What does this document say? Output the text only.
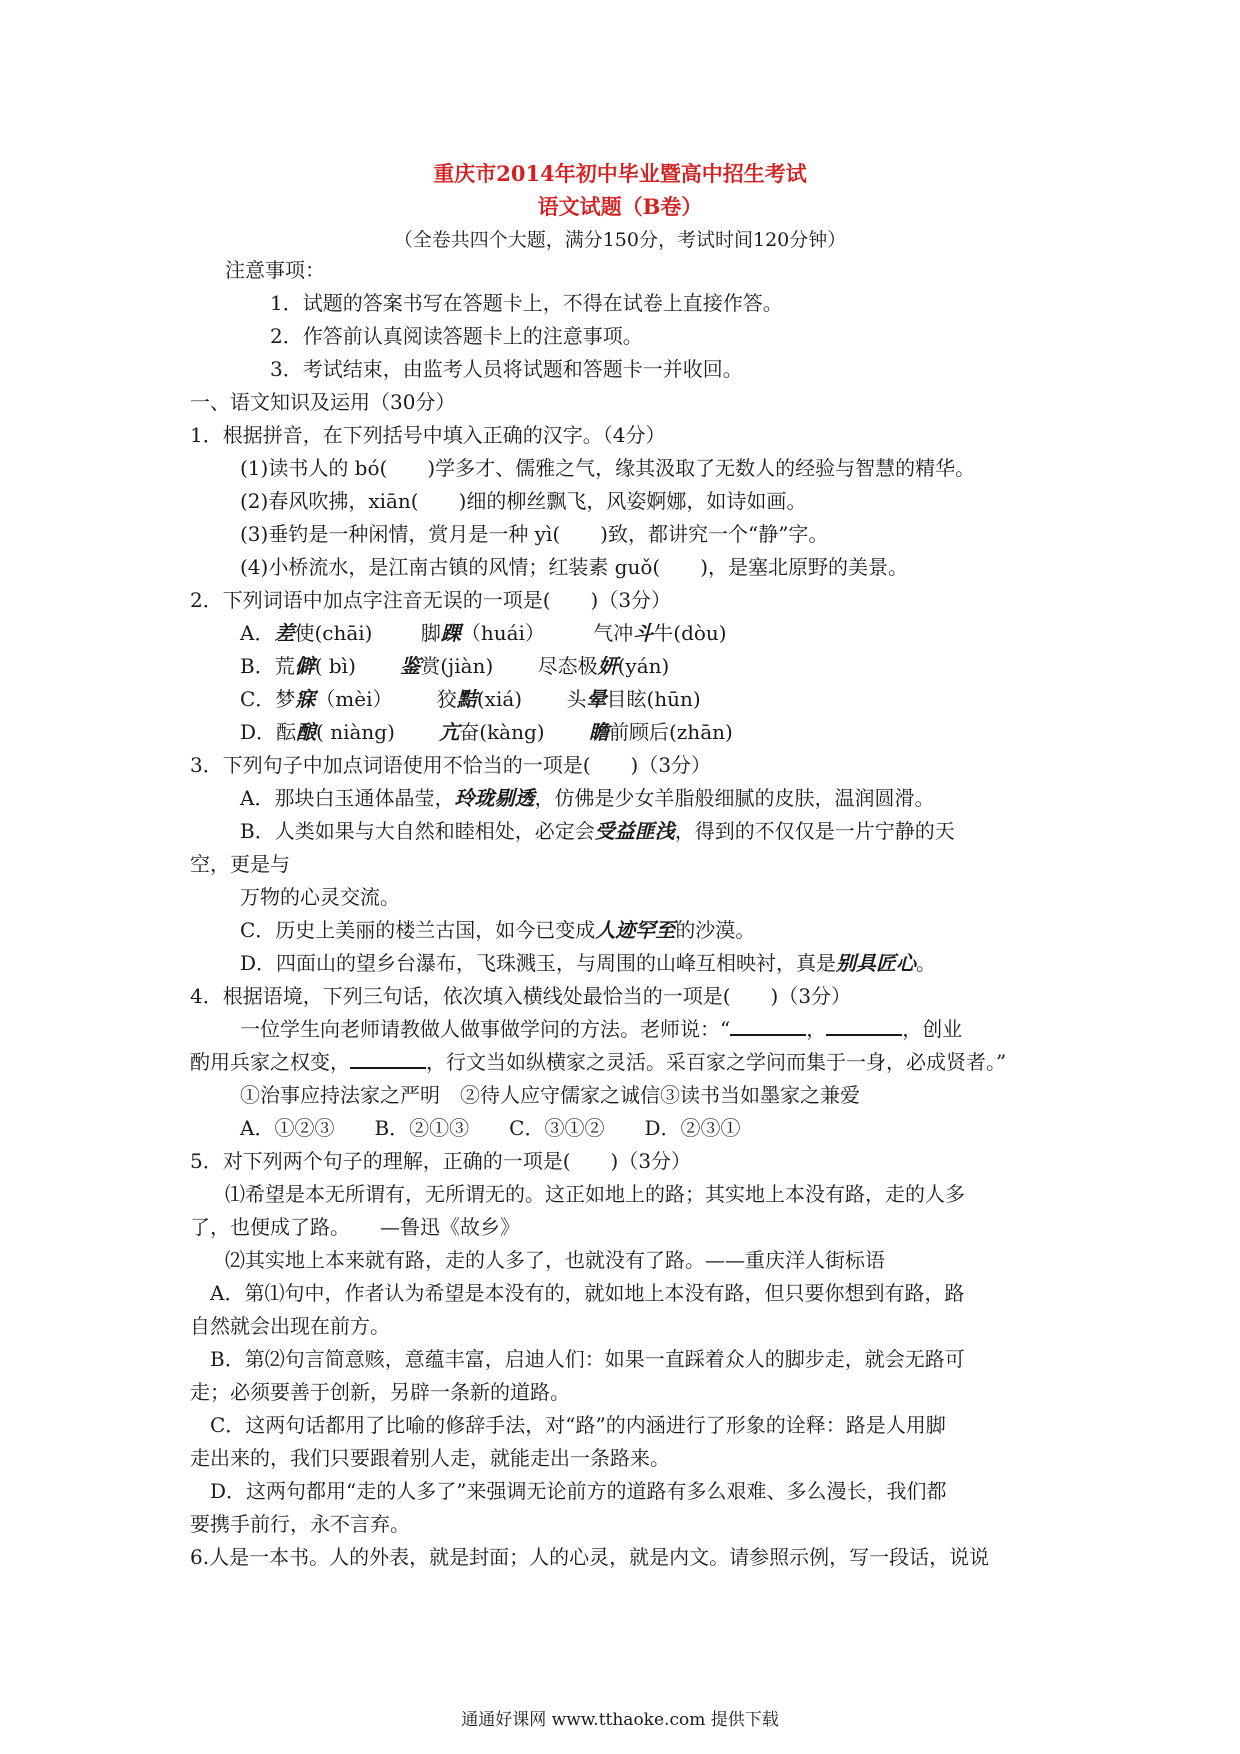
重庆市2014年初中毕业暨高中招生考试
语文试题（B卷）
（全卷共四个大题，满分150分，考试时间120分钟）
注意事项：
1．试题的答案书写在答题卡上，不得在试卷上直接作答。
2．作答前认真阅读答题卡上的注意事项。
3．考试结束，由监考人员将试题和答题卡一并收回。
一、语文知识及运用（30分）
1．根据拼音，在下列括号中填入正确的汉字。（4分）
(1)读书人的 bó(　　)学多才、儒雅之气，缘其汲取了无数人的经验与智慧的精华。
(2)春风吹拂，xiān(　　)细的柳丝飘飞，风姿婀娜，如诗如画。
(3)垂钓是一种闲情，赏月是一种 yì(　　)致，都讲究一个“静”字。
(4)小桥流水，是江南古镇的风情；红装素 guǒ(　　)，是塞北原野的美景。
2．下列词语中加点字注音无误的一项是(　　)（3分）
A．差使(chāi) 脚踝（huái） 气冲斗牛(dòu)
B．荒僻( bì) 鉴赏(jiàn) 尽态极妍(yán)
C．梦寐（mèi） 狡黠(xiá) 头晕目眩(hūn)
D．酝酿( niàng) 亢奋(kàng) 瞻前顾后(zhān)
3．下列句子中加点词语使用不恰当的一项是(　　)（3分）
A．那块白玉通体晶莹，玲珑剔透，仿佛是少女羊脂般细腻的皮肤，温润圆滑。
B．人类如果与大自然和睦相处，必定会受益匪浅，得到的不仅仅是一片宁静的天
空，更是与
万物的心灵交流。
C．历史上美丽的楼兰古国，如今已变成人迹罕至的沙漠。
D．四面山的望乡台瀑布，飞珠溅玉，与周围的山峰互相映衬，真是别具匠心。
4．根据语境，下列三句话，依次填入横线处最恰当的一项是(　　)（3分）
一位学生向老师请教做人做事做学问的方法。老师说：“	，	，创业
酌用兵家之权变，	，行文当如纵横家之灵活。采百家之学问而集于一身，必成贤者。”
①治事应持法家之严明　②待人应守儒家之诚信③读书当如墨家之兼爱
A．①②③　　B．②①③　　C．③①②　　D．②③①
5．对下列两个句子的理解，正确的一项是(　　)（3分）
⑴希望是本无所谓有，无所谓无的。这正如地上的路；其实地上本没有路，走的人多
了，也便成了路。　　—鲁迅《故乡》
⑵其实地上本来就有路，走的人多了，也就没有了路。——重庆洋人街标语
A．第⑴句中，作者认为希望是本没有的，就如地上本没有路，但只要你想到有路，路
自然就会出现在前方。
B．第⑵句言简意赅，意蕴丰富，启迪人们：如果一直踩着众人的脚步走，就会无路可
走；必须要善于创新，另辟一条新的道路。
C．这两句话都用了比喻的修辞手法，对“路”的内涵进行了形象的诠释：路是人用脚
走出来的，我们只要跟着别人走，就能走出一条路来。
D．这两句都用“走的人多了”来强调无论前方的道路有多么艰难、多么漫长，我们都
要携手前行，永不言弃。
6.人是一本书。人的外表，就是封面；人的心灵，就是内文。请参照示例，写一段话，说说
通通好课网 www.tthaoke.com 提供下载
